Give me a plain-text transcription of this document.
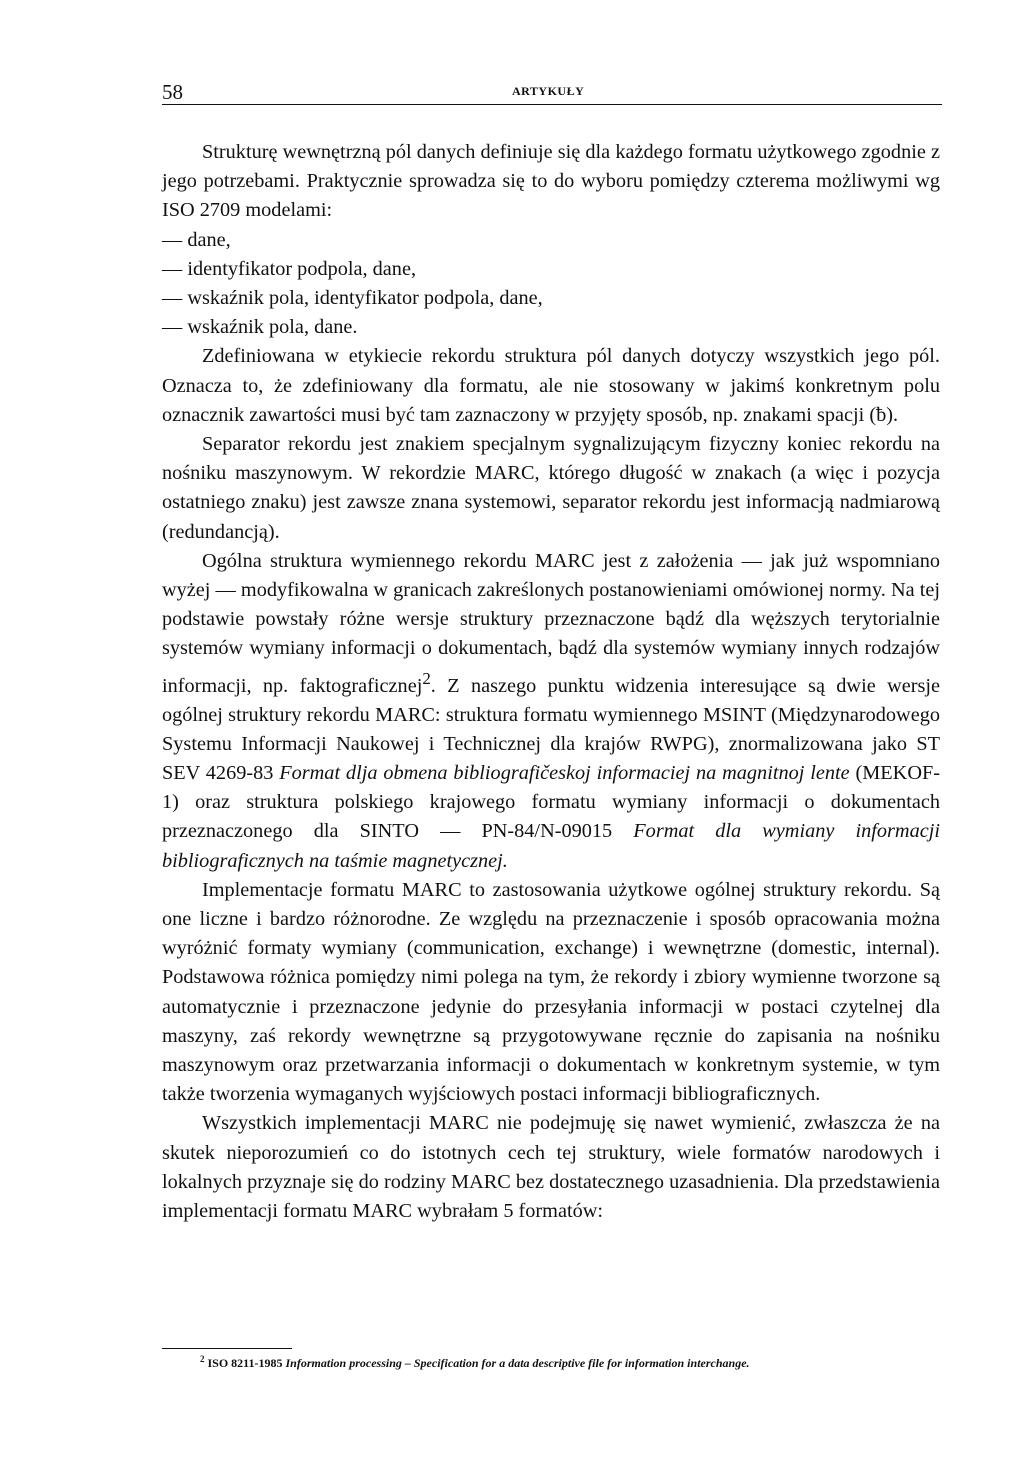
58	ARTYKUŁY

Strukturę wewnętrzną pól danych definiuje się dla każdego formatu użytkowego zgodnie z jego potrzebami. Praktycznie sprowadza się to do wyboru pomiędzy czterema możliwymi wg ISO 2709 modelami:

— dane,

— identyfikator podpola, dane,

— wskaźnik pola, identyfikator podpola, dane,

— wskaźnik pola, dane.

Zdefiniowana w etykiecie rekordu struktura pól danych dotyczy wszystkich jego pól. Oznacza to, że zdefiniowany dla formatu, ale nie stosowany w jakimś konkretnym polu oznacznik zawartości musi być tam zaznaczony w przyjęty sposób, np. znakami spacji (ƀ).

Separator rekordu jest znakiem specjalnym sygnalizującym fizyczny koniec rekordu na nośniku maszynowym. W rekordzie MARC, którego długość w znakach (a więc i pozycja ostatniego znaku) jest zawsze znana systemowi, separator rekordu jest informacją nadmiarową (redundancją).

Ogólna struktura wymiennego rekordu MARC jest z założenia — jak już wspomniano wyżej — modyfikowalna w granicach zakreślonych postanowieniami omówionej normy. Na tej podstawie powstały różne wersje struktury przeznaczone bądź dla węższych terytorialnie systemów wymiany informacji o dokumentach, bądź dla systemów wymiany innych rodzajów informacji, np. faktograficznej$^2$. Z naszego punktu widzenia interesujące są dwie wersje ogólnej struktury rekordu MARC: struktura formatu wymiennego MSINT (Międzynarodowego Systemu Informacji Naukowej i Technicznej dla krajów RWPG), znormalizowana jako ST SEV 4269-83 Format dlja obmena bibliografičeskoj informaciej na magnitnoj lente (MEKOF-1) oraz struktura polskiego krajowego formatu wymiany informacji o dokumentach przeznaczonego dla SINTO — PN-84/N-09015 Format dla wymiany informacji bibliograficznych na taśmie magnetycznej.

Implementacje formatu MARC to zastosowania użytkowe ogólnej struktury rekordu. Są one liczne i bardzo różnorodne. Ze względu na przeznaczenie i sposób opracowania można wyróżnić formaty wymiany (communication, exchange) i wewnętrzne (domestic, internal). Podstawowa różnica pomiędzy nimi polega na tym, że rekordy i zbiory wymienne tworzone są automatycznie i przeznaczone jedynie do przesyłania informacji w postaci czytelnej dla maszyny, zaś rekordy wewnętrzne są przygotowywane ręcznie do zapisania na nośniku maszynowym oraz przetwarzania informacji o dokumentach w konkretnym systemie, w tym także tworzenia wymaganych wyjściowych postaci informacji bibliograficznych.

Wszystkich implementacji MARC nie podejmuję się nawet wymienić, zwłaszcza że na skutek nieporozumień co do istotnych cech tej struktury, wiele formatów narodowych i lokalnych przyznaje się do rodziny MARC bez dostatecznego uzasadnienia. Dla przedstawienia implementacji formatu MARC wybrałam 5 formatów:

$^2$ ISO 8211-1985 Information processing – Specification for a data descriptive file for information interchange.
